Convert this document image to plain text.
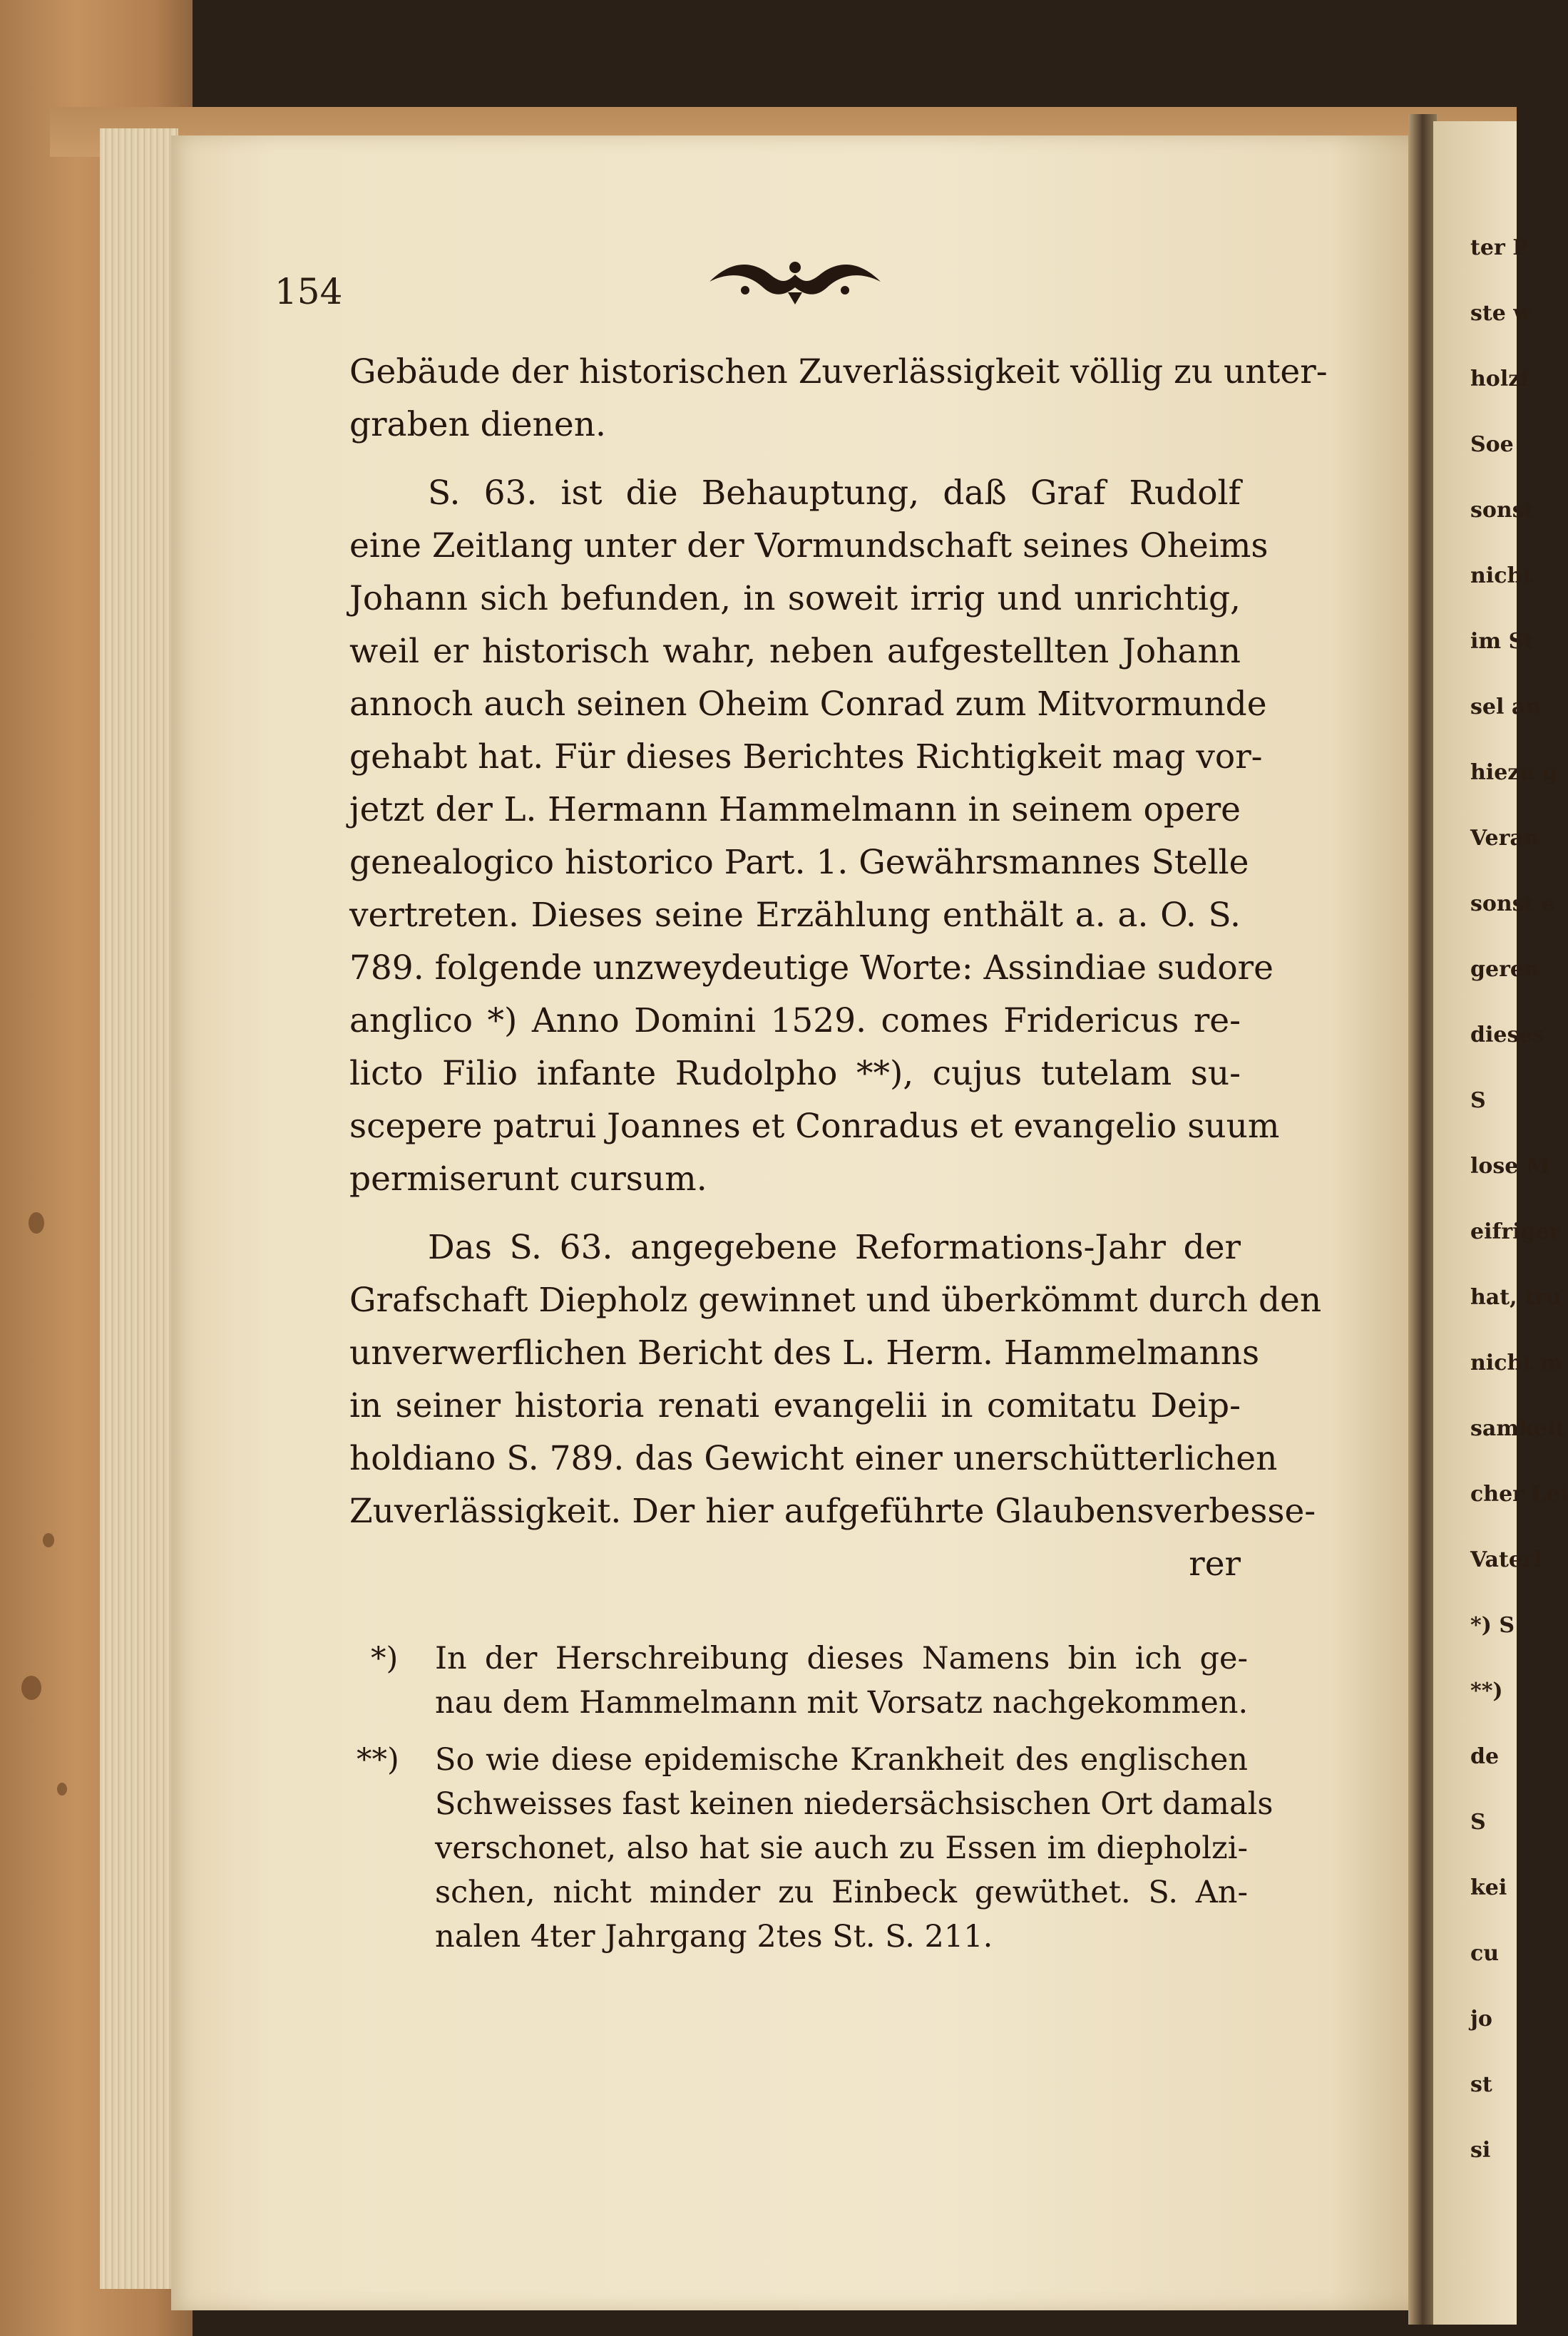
ter P
ste w
holzi
Soe
sonst
nicht
im St
sel an
hiezu g
Veran
sonst e
geren
dieses
S
lose M
eifriger
hat, tru
nicht m
samkeit
cher Lei
Vaterl
*) S
**)
de
S
kei
cu
jo
st
si
154
Gebäude der historischen Zuverlässigkeit völlig zu unter-
graben dienen.
S. 63. ist die Behauptung, daß Graf Rudolf
eine Zeitlang unter der Vormundschaft seines Oheims
Johann sich befunden, in soweit irrig und unrichtig,
weil er historisch wahr, neben aufgestellten Johann
annoch auch seinen Oheim Conrad zum Mitvormunde
gehabt hat. Für dieses Berichtes Richtigkeit mag vor-
jetzt der L. Hermann Hammelmann in seinem opere
genealogico historico Part. 1. Gewährsmannes Stelle
vertreten. Dieses seine Erzählung enthält a. a. O. S.
789. folgende unzweydeutige Worte: Assindiae sudore
anglico *) Anno Domini 1529. comes Fridericus re-
licto Filio infante Rudolpho **), cujus tutelam su-
scepere patrui Joannes et Conradus et evangelio suum
permiserunt cursum.
Das S. 63. angegebene Reformations-Jahr der
Grafschaft Diepholz gewinnet und überkömmt durch den
unverwerflichen Bericht des L. Herm. Hammelmanns
in seiner historia renati evangelii in comitatu Deip-
holdiano S. 789. das Gewicht einer unerschütterlichen
Zuverlässigkeit. Der hier aufgeführte Glaubensverbesse-
rer
*) In der Herschreibung dieses Namens bin ich ge-
nau dem Hammelmann mit Vorsatz nachgekommen.
**) So wie diese epidemische Krankheit des englischen
Schweisses fast keinen niedersächsischen Ort damals
verschonet, also hat sie auch zu Essen im diepholzi-
schen, nicht minder zu Einbeck gewüthet. S. An-
nalen 4ter Jahrgang 2tes St. S. 211.
